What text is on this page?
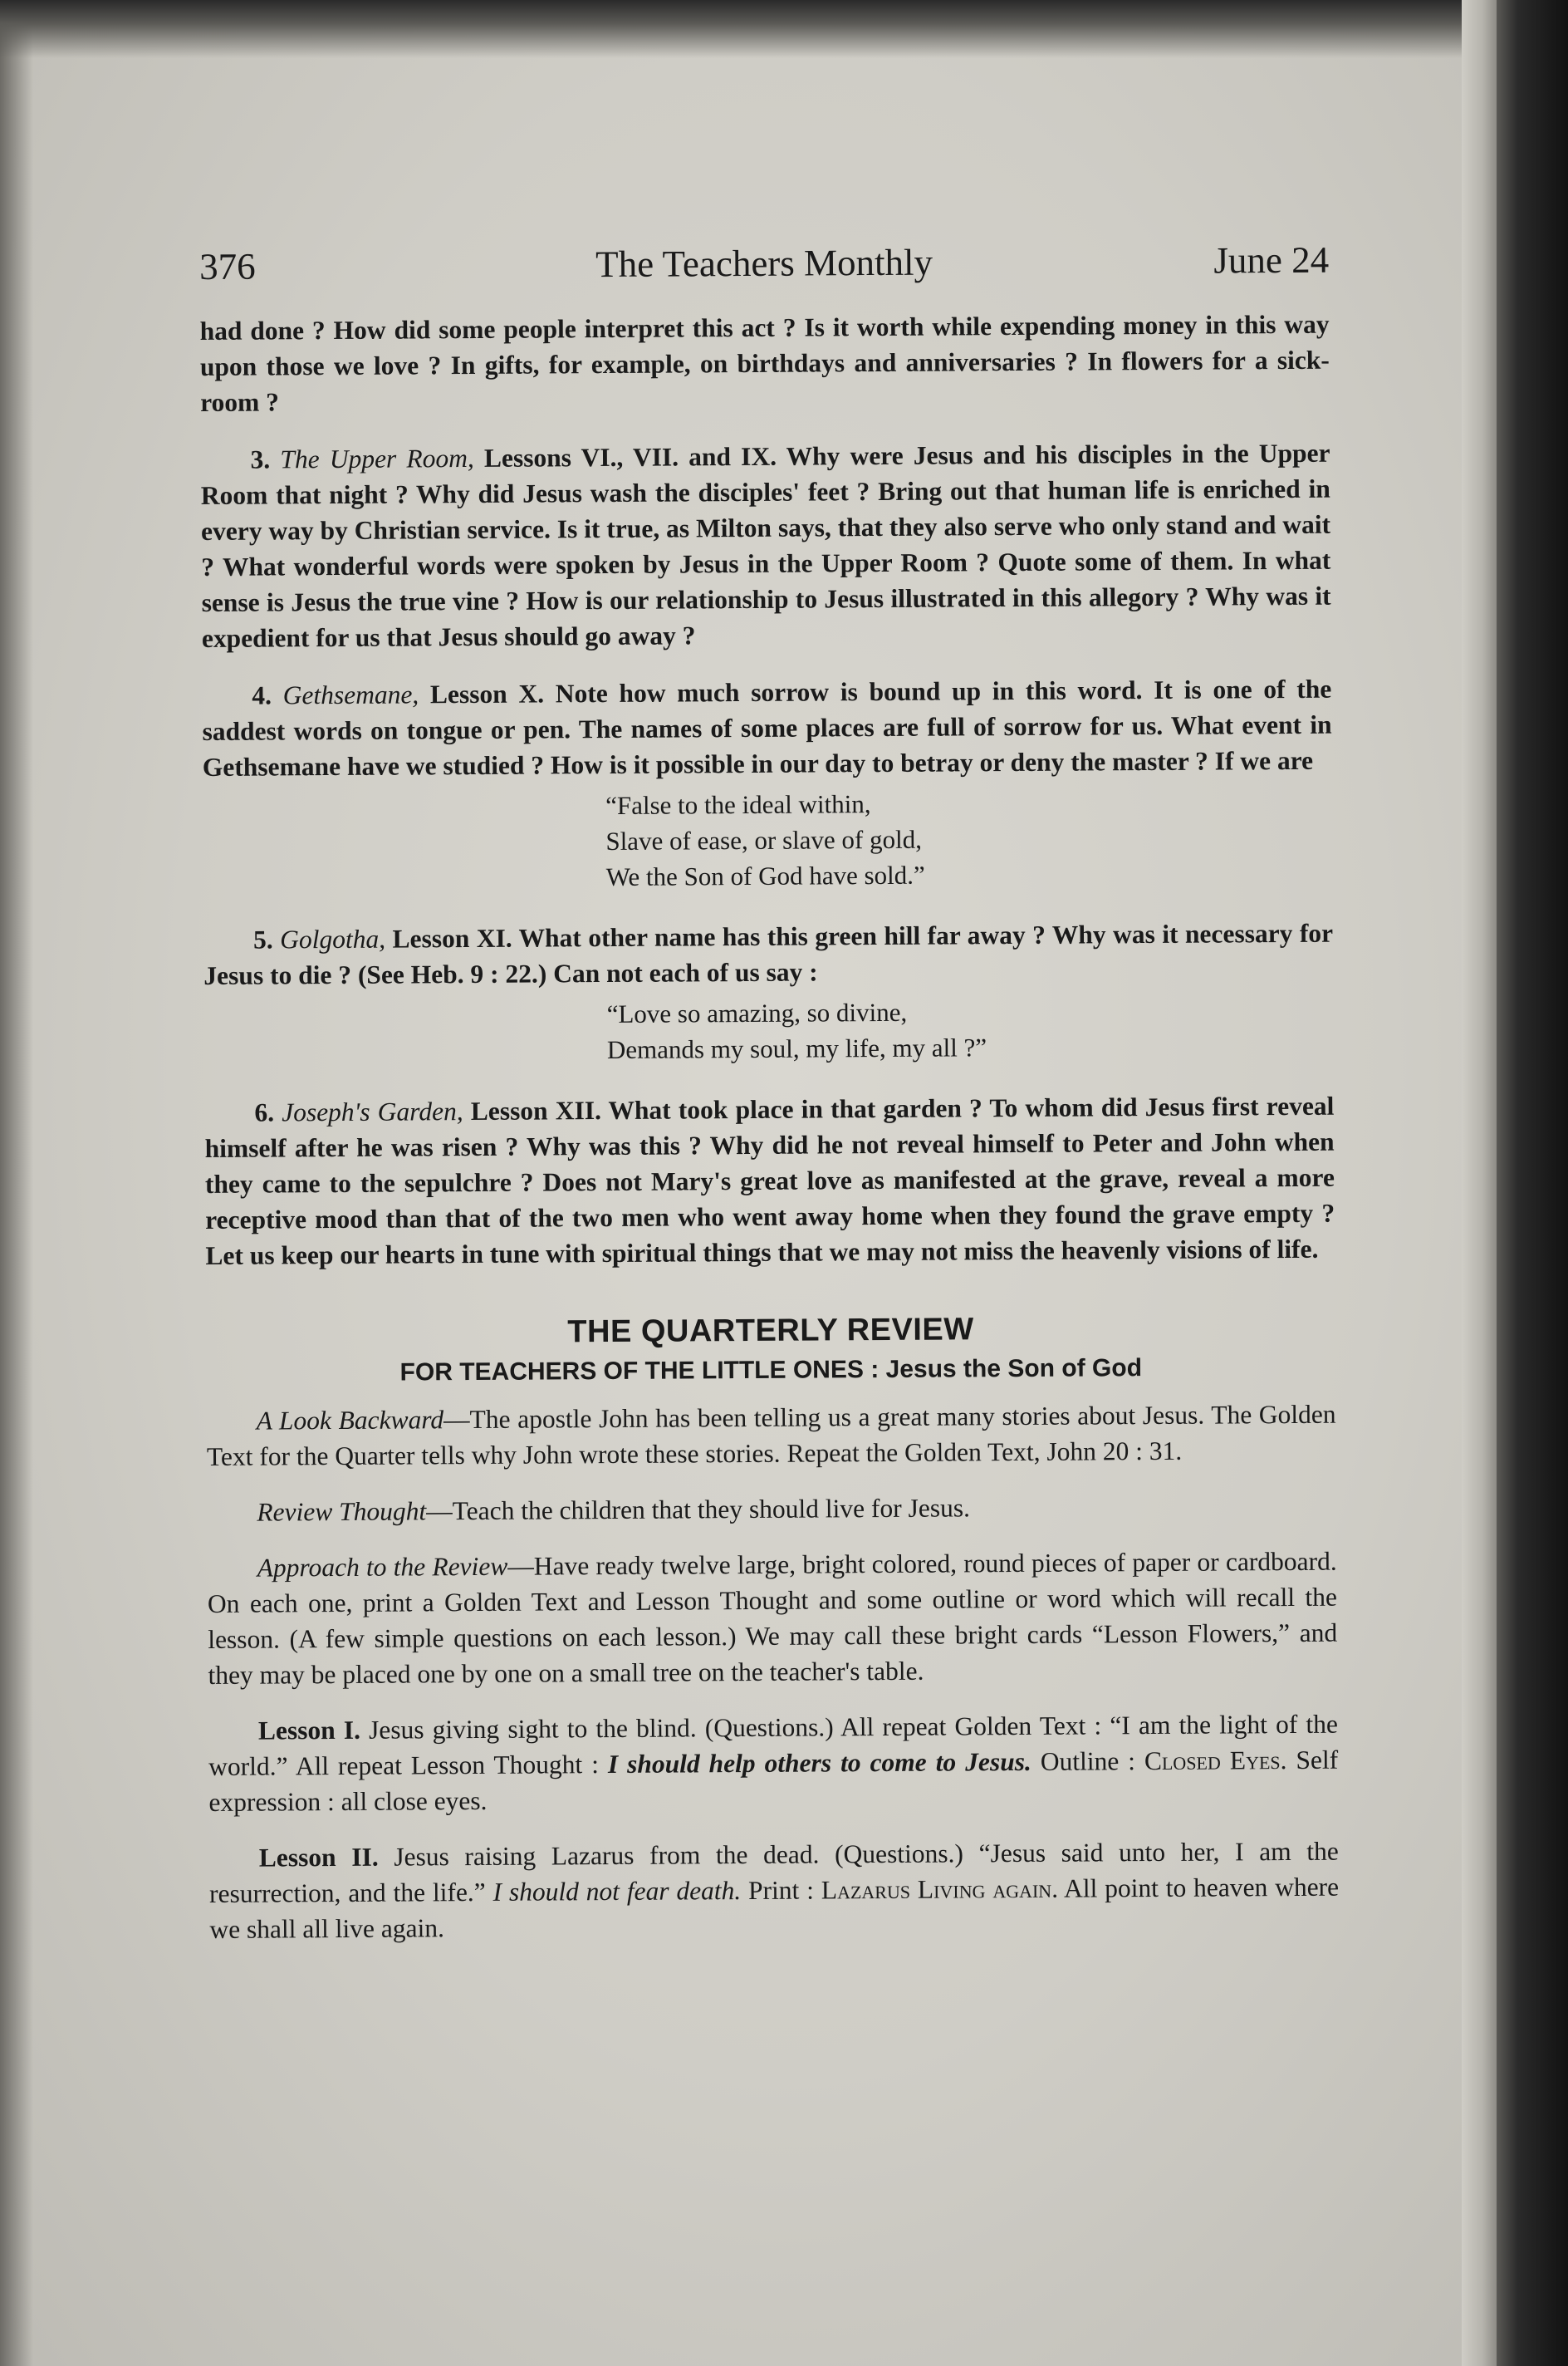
376	The Teachers Monthly	June 24

had done ? How did some people interpret this act ? Is it worth while expending money in this way upon those we love ? In gifts, for example, on birthdays and anniversaries ? In flowers for a sick-room ?

3. The Upper Room, Lessons VI., VII. and IX. Why were Jesus and his disciples in the Upper Room that night ? Why did Jesus wash the disciples' feet ? Bring out that human life is enriched in every way by Christian service. Is it true, as Milton says, that they also serve who only stand and wait ? What wonderful words were spoken by Jesus in the Upper Room ? Quote some of them. In what sense is Jesus the true vine ? How is our relationship to Jesus illustrated in this allegory ? Why was it expedient for us that Jesus should go away ?

4. Gethsemane, Lesson X. Note how much sorrow is bound up in this word. It is one of the saddest words on tongue or pen. The names of some places are full of sorrow for us. What event in Gethsemane have we studied ? How is it possible in our day to betray or deny the master ? If we are

“False to the ideal within,
Slave of ease, or slave of gold,
We the Son of God have sold.”

5. Golgotha, Lesson XI. What other name has this green hill far away ? Why was it necessary for Jesus to die ? (See Heb. 9 : 22.) Can not each of us say :

“Love so amazing, so divine,
Demands my soul, my life, my all ?”

6. Joseph's Garden, Lesson XII. What took place in that garden ? To whom did Jesus first reveal himself after he was risen ? Why was this ? Why did he not reveal himself to Peter and John when they came to the sepulchre ? Does not Mary's great love as manifested at the grave, reveal a more receptive mood than that of the two men who went away home when they found the grave empty ? Let us keep our hearts in tune with spiritual things that we may not miss the heavenly visions of life.

THE QUARTERLY REVIEW
FOR TEACHERS OF THE LITTLE ONES : Jesus the Son of God

A Look Backward—The apostle John has been telling us a great many stories about Jesus. The Golden Text for the Quarter tells why John wrote these stories. Repeat the Golden Text, John 20 : 31.

Review Thought—Teach the children that they should live for Jesus.

Approach to the Review—Have ready twelve large, bright colored, round pieces of paper or cardboard. On each one, print a Golden Text and Lesson Thought and some outline or word which will recall the lesson. (A few simple questions on each lesson.) We may call these bright cards “Lesson Flowers,” and they may be placed one by one on a small tree on the teacher's table.

Lesson I. Jesus giving sight to the blind. (Questions.) All repeat Golden Text : “I am the light of the world.” All repeat Lesson Thought : I should help others to come to Jesus. Outline : Closed Eyes. Self expression : all close eyes.

Lesson II. Jesus raising Lazarus from the dead. (Questions.) “Jesus said unto her, I am the resurrection, and the life.” I should not fear death. Print : Lazarus Living again. All point to heaven where we shall all live again.
